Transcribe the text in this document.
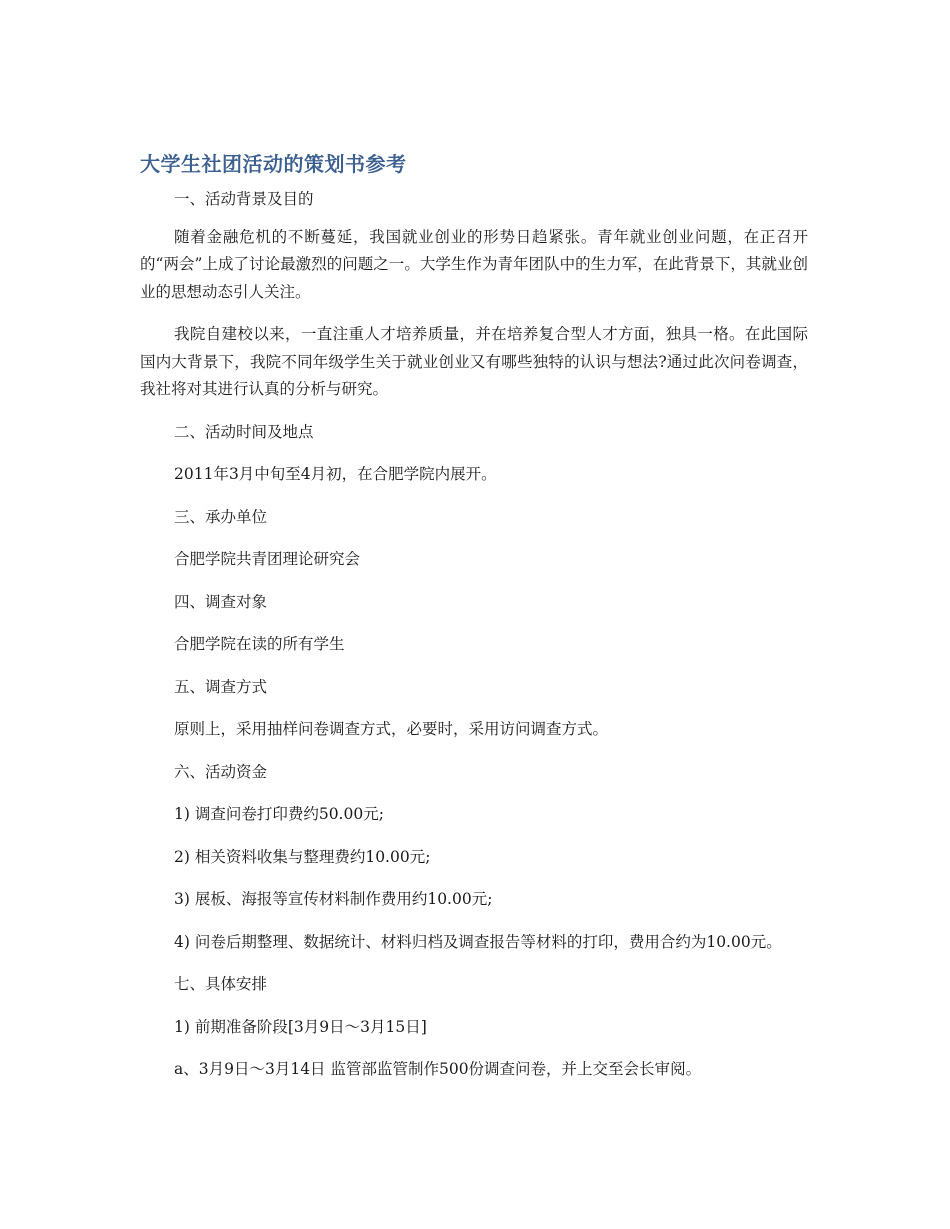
大学生社团活动的策划书参考

一、活动背景及目的

随着金融危机的不断蔓延，我国就业创业的形势日趋紧张。青年就业创业问题，在正召开的“两会”上成了讨论最激烈的问题之一。大学生作为青年团队中的生力军，在此背景下，其就业创业的思想动态引人关注。

我院自建校以来，一直注重人才培养质量，并在培养复合型人才方面，独具一格。在此国际国内大背景下，我院不同年级学生关于就业创业又有哪些独特的认识与想法?通过此次问卷调查，我社将对其进行认真的分析与研究。

二、活动时间及地点

2011年3月中旬至4月初，在合肥学院内展开。

三、承办单位

合肥学院共青团理论研究会

四、调查对象

合肥学院在读的所有学生

五、调查方式

原则上，采用抽样问卷调查方式，必要时，采用访问调查方式。

六、活动资金

1) 调查问卷打印费约50.00元;

2) 相关资料收集与整理费约10.00元;

3) 展板、海报等宣传材料制作费用约10.00元;

4) 问卷后期整理、数据统计、材料归档及调查报告等材料的打印，费用合约为10.00元。

七、具体安排

1) 前期准备阶段[3月9日～3月15日]

a、3月9日～3月14日 监管部监管制作500份调查问卷，并上交至会长审阅。
